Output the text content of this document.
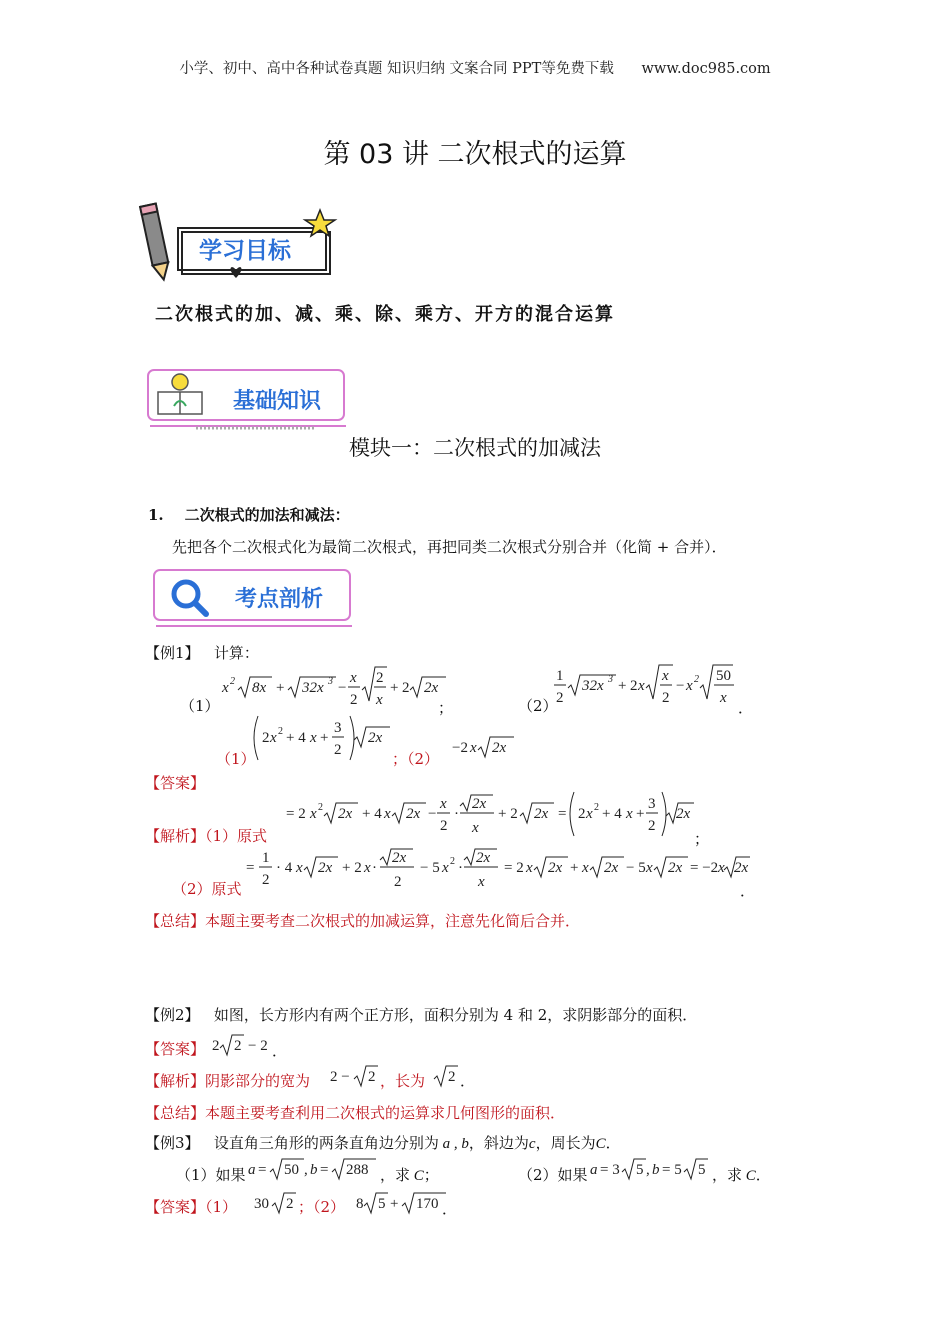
小学、初中、高中各种试卷真题 知识归纳 文案合同 PPT等免费下载 www.doc985.com
第 03 讲 二次根式的运算
学习目标
二次根式的加、减、乘、除、乘方、开方的混合运算
基础知识
模块一：二次根式的加减法
1. 二次根式的加法和减法：
先把各个二次根式化为最简二次根式，再把同类二次根式分别合并（化简 + 合并）．
考点剖析
【例1】 计算：
（1）
x 2 8x + 32x 3 −
x
2
2
x
+ 2 2x
；	（2）
1
2
32x 3 + 2 x
x
2
− x 2 50
x
．
（1）
2 x 2 + 4 x +
3
2
2x
；（2）
−2 x 2x
【答案】
【解析】（1）原式
= 2 x 2 2x + 4 x 2x −
x
2
·
2x
x
+ 2 2x = 2 x 2 + 4 x +
3
2
2x
；
（2）原式
=
1
2
· 4 x 2x + 2 x ·
2x
2
− 5 x 2 ·
2x
x
= 2 x 2x + x 2x − 5 x 2x = −2 x 2x
．
【总结】本题主要考查二次根式的加减运算，注意先化简后合并．
【例2】 如图，长方形内有两个正方形，面积分别为 4 和 2，求阴影部分的面积．
【答案】 2 2 − 2 ．
【解析】阴影部分的宽为 2 − 2 ，长为 2 ．
【总结】本题主要考查利用二次根式的运算求几何图形的面积．
【例3】 设直角三角形的两条直角边分别为 a , b，斜边为c，周长为C．
（1）如果 a = 50 , b = 288 ，求 C；	（2）如果 a = 3 5 , b = 5 5 ，求 C．
【答案】（1） 30 2 ；（2） 8 5 + 170 ．
